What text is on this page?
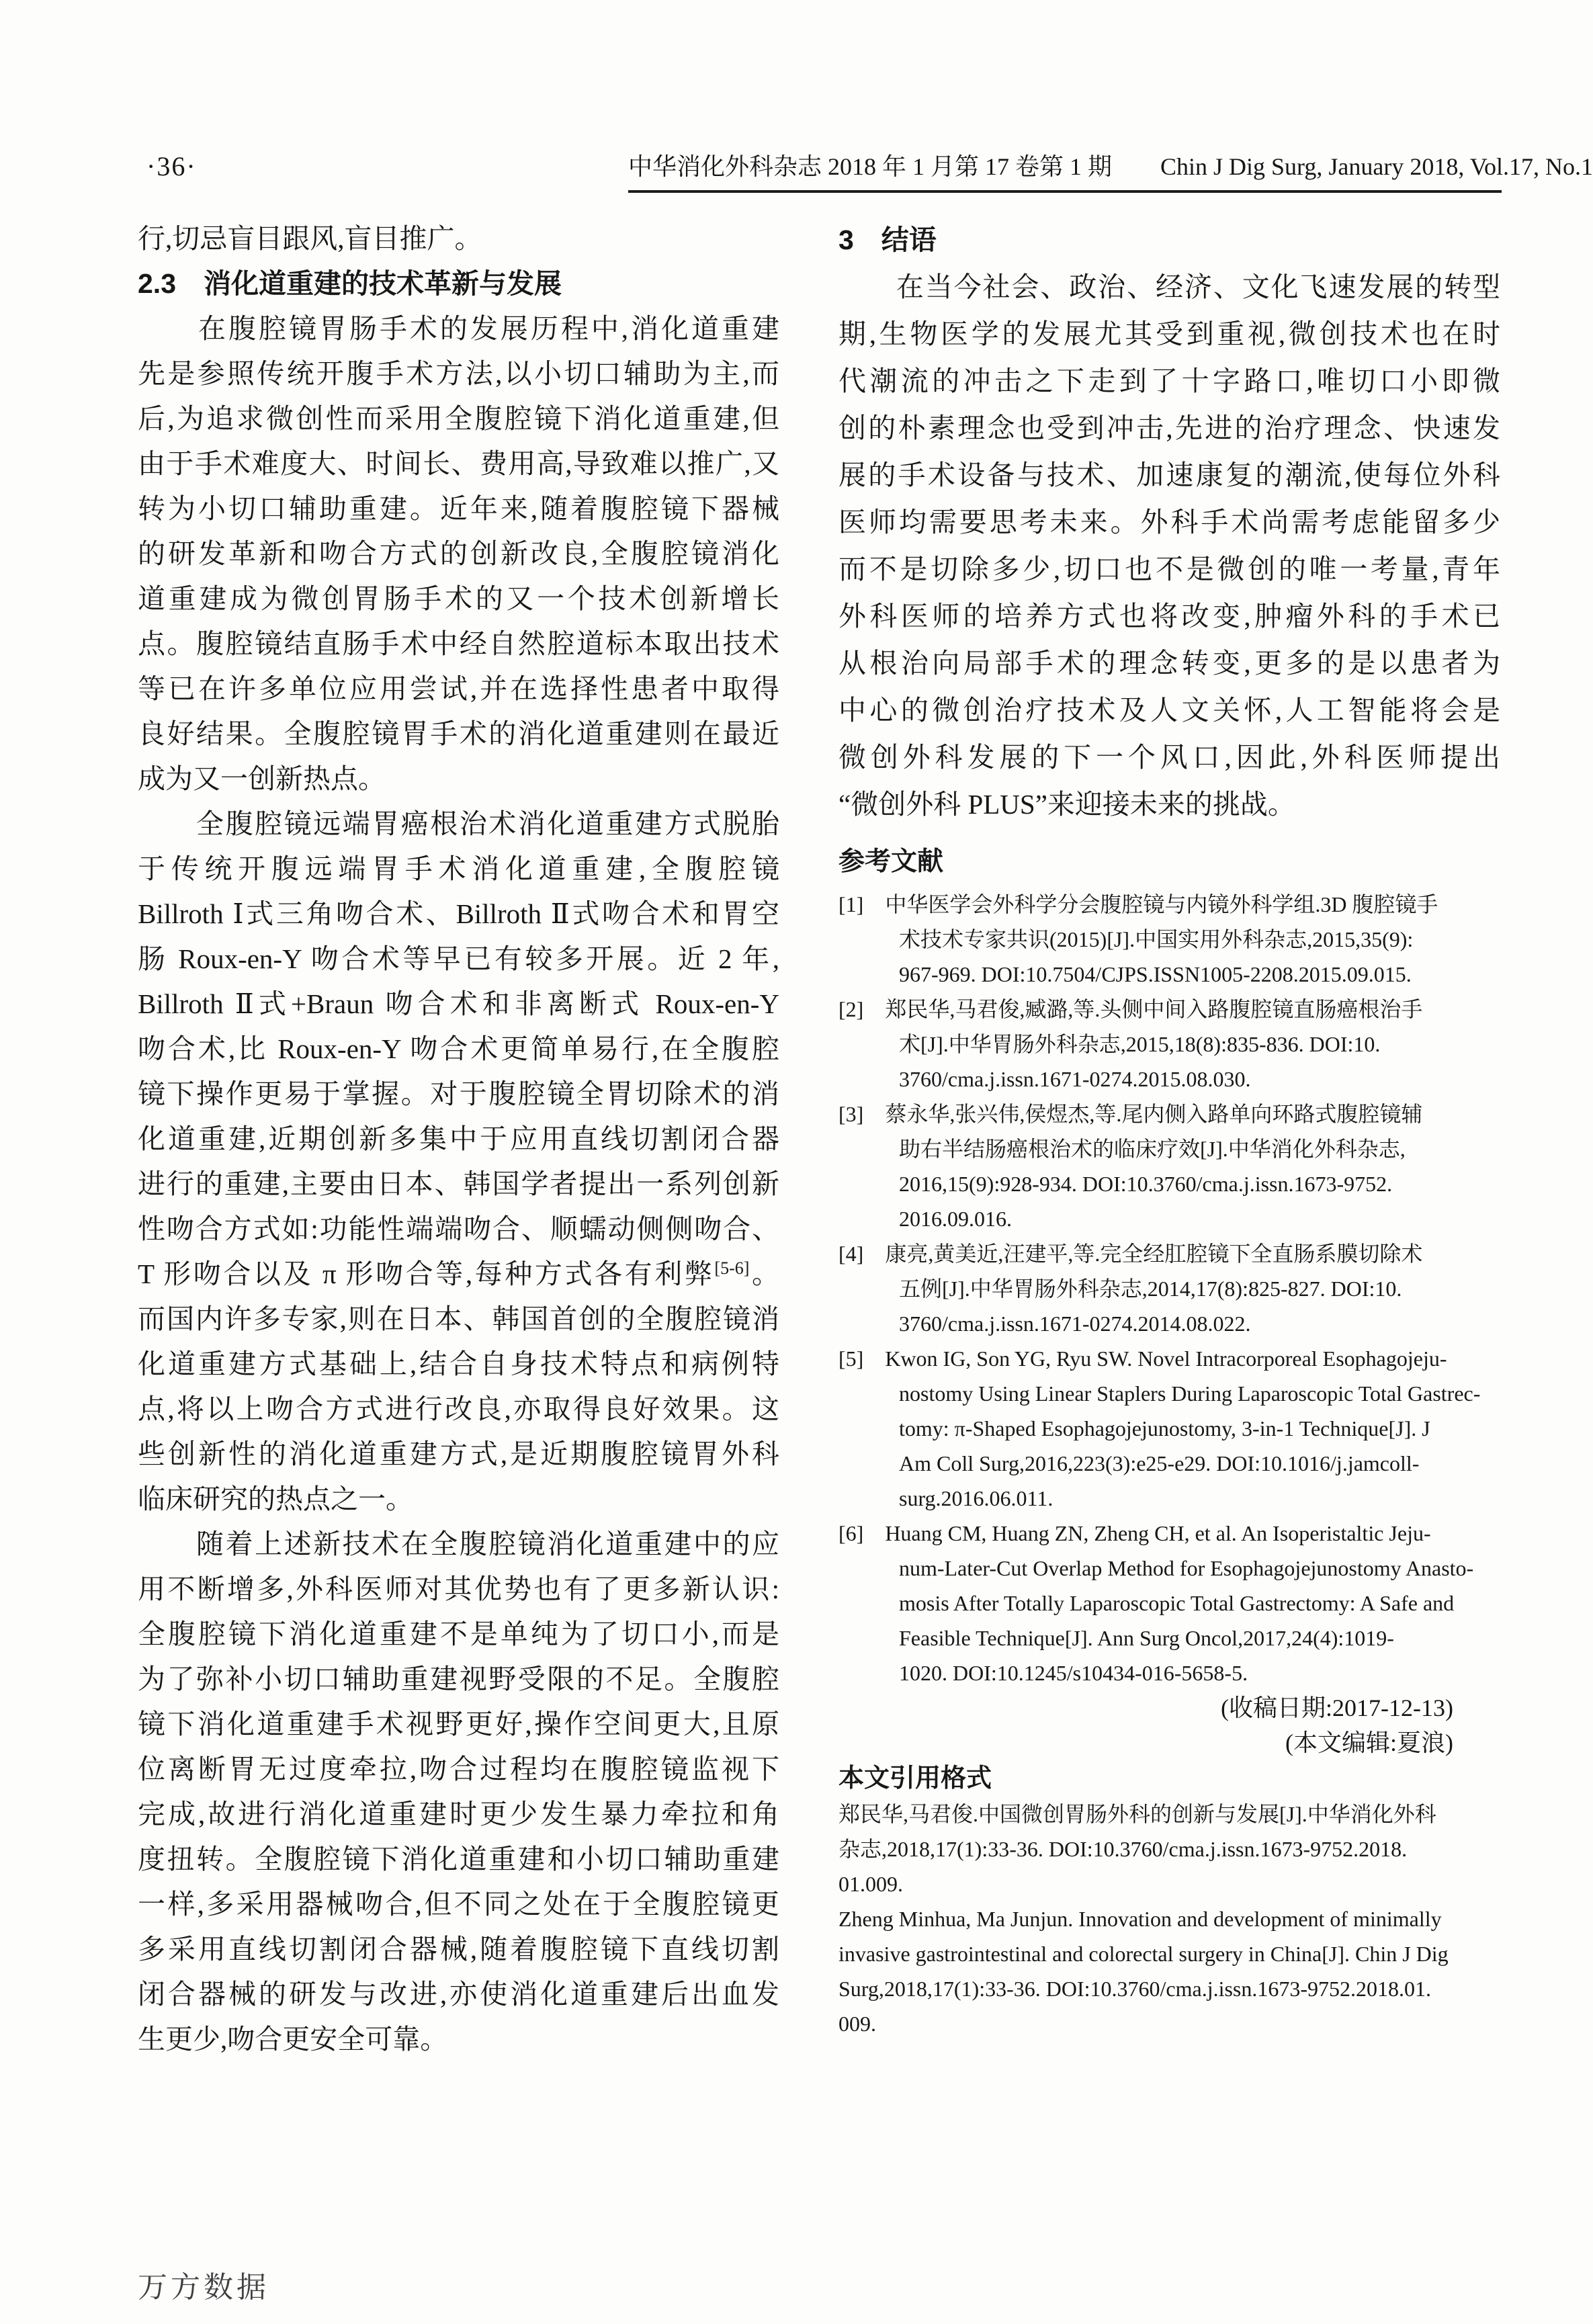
·36·	中华消化外科杂志 2018 年 1 月第 17 卷第 1 期　　Chin J Dig Surg, January 2018, Vol.17, No.1
行,切忌盲目跟风,盲目推广。
2.3　消化道重建的技术革新与发展
　　在腹腔镜胃肠手术的发展历程中,消化道重建
先是参照传统开腹手术方法,以小切口辅助为主,而
后,为追求微创性而采用全腹腔镜下消化道重建,但
由于手术难度大、时间长、费用高,导致难以推广,又
转为小切口辅助重建。近年来,随着腹腔镜下器械
的研发革新和吻合方式的创新改良,全腹腔镜消化
道重建成为微创胃肠手术的又一个技术创新增长
点。腹腔镜结直肠手术中经自然腔道标本取出技术
等已在许多单位应用尝试,并在选择性患者中取得
良好结果。全腹腔镜胃手术的消化道重建则在最近
成为又一创新热点。
　　全腹腔镜远端胃癌根治术消化道重建方式脱胎
于传统开腹远端胃手术消化道重建,全腹腔镜
Billroth Ⅰ式三角吻合术、Billroth Ⅱ式吻合术和胃空
肠 Roux-en-Y 吻合术等早已有较多开展。近 2 年,
Billroth Ⅱ式+Braun 吻合术和非离断式 Roux-en-Y
吻合术,比 Roux-en-Y 吻合术更简单易行,在全腹腔
镜下操作更易于掌握。对于腹腔镜全胃切除术的消
化道重建,近期创新多集中于应用直线切割闭合器
进行的重建,主要由日本、韩国学者提出一系列创新
性吻合方式如:功能性端端吻合、顺蠕动侧侧吻合、
T 形吻合以及 π 形吻合等,每种方式各有利弊[5-6]。
而国内许多专家,则在日本、韩国首创的全腹腔镜消
化道重建方式基础上,结合自身技术特点和病例特
点,将以上吻合方式进行改良,亦取得良好效果。这
些创新性的消化道重建方式,是近期腹腔镜胃外科
临床研究的热点之一。
　　随着上述新技术在全腹腔镜消化道重建中的应
用不断增多,外科医师对其优势也有了更多新认识:
全腹腔镜下消化道重建不是单纯为了切口小,而是
为了弥补小切口辅助重建视野受限的不足。全腹腔
镜下消化道重建手术视野更好,操作空间更大,且原
位离断胃无过度牵拉,吻合过程均在腹腔镜监视下
完成,故进行消化道重建时更少发生暴力牵拉和角
度扭转。全腹腔镜下消化道重建和小切口辅助重建
一样,多采用器械吻合,但不同之处在于全腹腔镜更
多采用直线切割闭合器械,随着腹腔镜下直线切割
闭合器械的研发与改进,亦使消化道重建后出血发
生更少,吻合更安全可靠。
3　结语
　　在当今社会、政治、经济、文化飞速发展的转型
期,生物医学的发展尤其受到重视,微创技术也在时
代潮流的冲击之下走到了十字路口,唯切口小即微
创的朴素理念也受到冲击,先进的治疗理念、快速发
展的手术设备与技术、加速康复的潮流,使每位外科
医师均需要思考未来。外科手术尚需考虑能留多少
而不是切除多少,切口也不是微创的唯一考量,青年
外科医师的培养方式也将改变,肿瘤外科的手术已
从根治向局部手术的理念转变,更多的是以患者为
中心的微创治疗技术及人文关怀,人工智能将会是
微创外科发展的下一个风口,因此,外科医师提出
“微创外科 PLUS”来迎接未来的挑战。
参考文献
[1]　中华医学会外科学分会腹腔镜与内镜外科学组.3D 腹腔镜手
术技术专家共识(2015)[J].中国实用外科杂志,2015,35(9):
967-969. DOI:10.7504/CJPS.ISSN1005-2208.2015.09.015.
[2]　郑民华,马君俊,臧潞,等.头侧中间入路腹腔镜直肠癌根治手
术[J].中华胃肠外科杂志,2015,18(8):835-836. DOI:10.
3760/cma.j.issn.1671-0274.2015.08.030.
[3]　蔡永华,张兴伟,侯煜杰,等.尾内侧入路单向环路式腹腔镜辅
助右半结肠癌根治术的临床疗效[J].中华消化外科杂志,
2016,15(9):928-934. DOI:10.3760/cma.j.issn.1673-9752.
2016.09.016.
[4]　康亮,黄美近,汪建平,等.完全经肛腔镜下全直肠系膜切除术
五例[J].中华胃肠外科杂志,2014,17(8):825-827. DOI:10.
3760/cma.j.issn.1671-0274.2014.08.022.
[5]　Kwon IG, Son YG, Ryu SW. Novel Intracorporeal Esophagojeju-
nostomy Using Linear Staplers During Laparoscopic Total Gastrec-
tomy: π-Shaped Esophagojejunostomy, 3-in-1 Technique[J]. J
Am Coll Surg,2016,223(3):e25-e29. DOI:10.1016/j.jamcoll-
surg.2016.06.011.
[6]　Huang CM, Huang ZN, Zheng CH, et al. An Isoperistaltic Jeju-
num-Later-Cut Overlap Method for Esophagojejunostomy Anasto-
mosis After Totally Laparoscopic Total Gastrectomy: A Safe and
Feasible Technique[J]. Ann Surg Oncol,2017,24(4):1019-
1020. DOI:10.1245/s10434-016-5658-5.
(收稿日期:2017-12-13)
(本文编辑:夏浪)
本文引用格式
郑民华,马君俊.中国微创胃肠外科的创新与发展[J].中华消化外科
杂志,2018,17(1):33-36. DOI:10.3760/cma.j.issn.1673-9752.2018.
01.009.
Zheng Minhua, Ma Junjun. Innovation and development of minimally
invasive gastrointestinal and colorectal surgery in China[J]. Chin J Dig
Surg,2018,17(1):33-36. DOI:10.3760/cma.j.issn.1673-9752.2018.01.
009.
万方数据
